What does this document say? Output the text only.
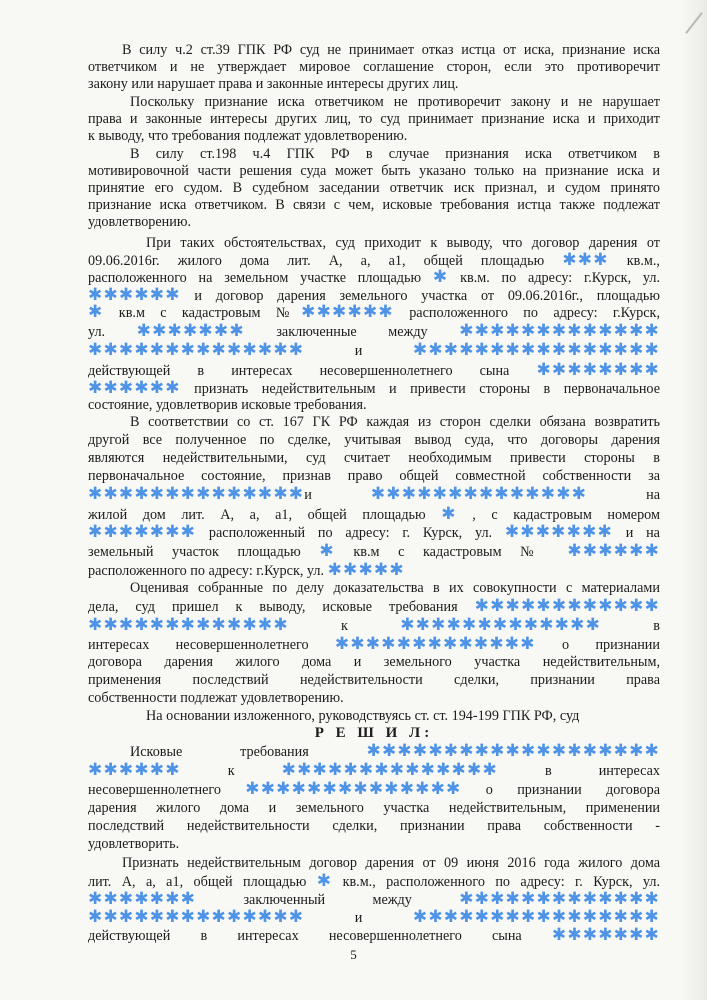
В силу ч.2 ст.39 ГПК РФ суд не принимает отказ истца от иска, признание иска
ответчиком и не утверждает мировое соглашение сторон, если это противоречит
закону или нарушает права и законные интересы других лиц.
Поскольку признание иска ответчиком не противоречит закону и не нарушает
права и законные интересы других лиц, то суд принимает признание иска и приходит
к выводу, что требования подлежат удовлетворению.
В силу ст.198 ч.4 ГПК РФ в случае признания иска ответчиком в
мотивировочной части решения суда может быть указано только на признание иска и
принятие его судом. В судебном заседании ответчик иск признал, и судом принято
признание иска ответчиком. В связи с чем, исковые требования истца также подлежат
удовлетворению.
При таких обстоятельствах, суд приходит к выводу, что договор дарения от
09.06.2016г. жилого дома лит. А, а, а1, общей площадью ✱✱✱ кв.м.,
расположенного на земельном участке площадью ✱ кв.м. по адресу: г.Курск, ул.
✱✱✱✱✱✱ и договор дарения земельного участка от 09.06.2016г., площадью
✱ кв.м с кадастровым №✱✱✱✱✱✱ расположенного по адресу: г.Курск,
ул. ✱✱✱✱✱✱✱ заключенные между ✱✱✱✱✱✱✱✱✱✱✱✱✱
✱✱✱✱✱✱✱✱✱✱✱✱✱✱ и ✱✱✱✱✱✱✱✱✱✱✱✱✱✱✱✱
действующей в интересах несовершеннолетнего сына ✱✱✱✱✱✱✱✱
✱✱✱✱✱✱ признать недействительным и привести стороны в первоначальное
состояние, удовлетворив исковые требования.
В соответствии со ст. 167 ГК РФ каждая из сторон сделки обязана возвратить
другой все полученное по сделке, учитывая вывод суда, что договоры дарения
являются недействительными, суд считает необходимым привести стороны в
первоначальное состояние, признав право общей совместной собственности за
✱✱✱✱✱✱✱✱✱✱✱✱✱✱и ✱✱✱✱✱✱✱✱✱✱✱✱✱✱ на
жилой дом лит. А, а, а1, общей площадью ✱ , с кадастровым номером
✱✱✱✱✱✱✱ расположенный по адресу: г. Курск, ул. ✱✱✱✱✱✱✱ и на
земельный участок площадью ✱ кв.м с кадастровым № ✱✱✱✱✱✱
расположенного по адресу: г.Курск, ул. ✱✱✱✱✱
Оценивая собранные по делу доказательства в их совокупности с материалами
дела, суд пришел к выводу, исковые требования ✱✱✱✱✱✱✱✱✱✱✱✱
✱✱✱✱✱✱✱✱✱✱✱✱✱ к ✱✱✱✱✱✱✱✱✱✱✱✱✱ в
интересах несовершеннолетнего ✱✱✱✱✱✱✱✱✱✱✱✱✱ о признании
договора дарения жилого дома и земельного участка недействительным,
применения последствий недействительности сделки, признании права
собственности подлежат удовлетворению.
На основании изложенного, руководствуясь ст. ст. 194-199 ГПК РФ, суд
Р Е Ш И Л:
Исковые требования ✱✱✱✱✱✱✱✱✱✱✱✱✱✱✱✱✱✱✱
✱✱✱✱✱✱ к ✱✱✱✱✱✱✱✱✱✱✱✱✱✱ в интересах
несовершеннолетнего ✱✱✱✱✱✱✱✱✱✱✱✱✱✱ о признании договора
дарения жилого дома и земельного участка недействительным, применении
последствий недействительности сделки, признании права собственности -
удовлетворить.
Признать недействительным договор дарения от 09 июня 2016 года жилого дома
лит. А, а, а1, общей площадью ✱ кв.м., расположенного по адресу: г. Курск, ул.
✱✱✱✱✱✱✱ заключенный между ✱✱✱✱✱✱✱✱✱✱✱✱✱
✱✱✱✱✱✱✱✱✱✱✱✱✱✱ и ✱✱✱✱✱✱✱✱✱✱✱✱✱✱✱✱
действующей в интересах несовершеннолетнего сына ✱✱✱✱✱✱✱
5
